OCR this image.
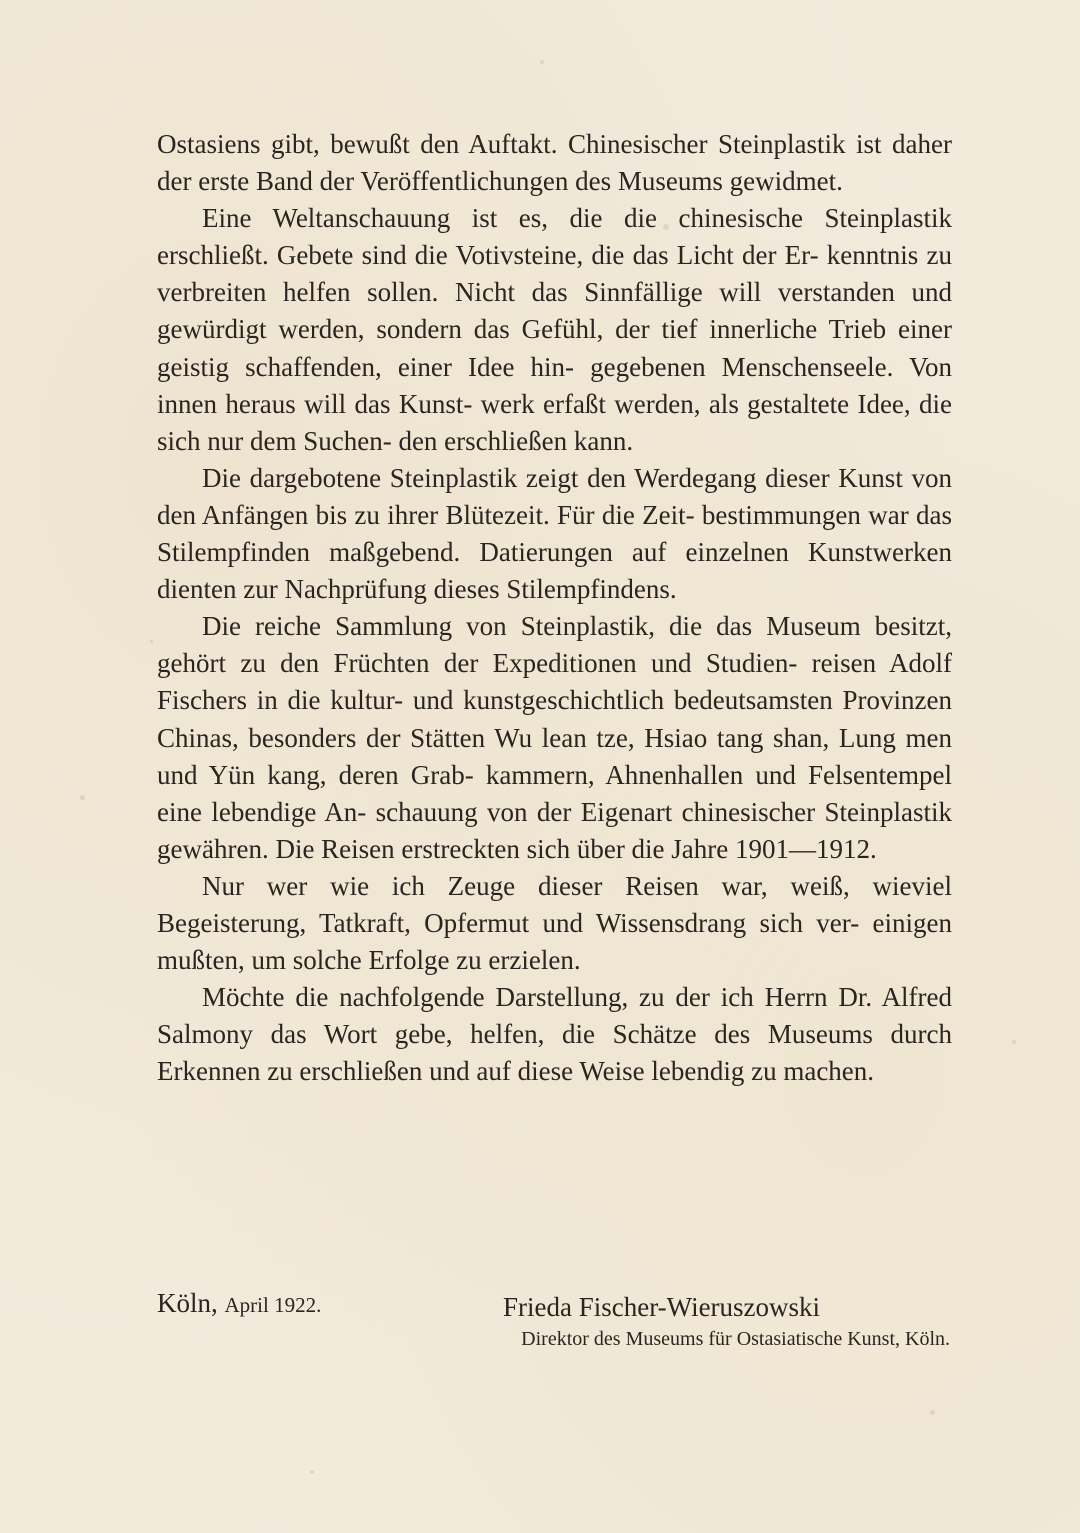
Ostasiens gibt, bewußt den Auftakt. Chinesischer Steinplastik ist daher der erste Band der Veröffentlichungen des Museums gewidmet.

Eine Weltanschauung ist es, die die chinesische Steinplastik erschließt. Gebete sind die Votivsteine, die das Licht der Er- kenntnis zu verbreiten helfen sollen. Nicht das Sinnfällige will verstanden und gewürdigt werden, sondern das Gefühl, der tief innerliche Trieb einer geistig schaffenden, einer Idee hin- gegebenen Menschenseele. Von innen heraus will das Kunst- werk erfaßt werden, als gestaltete Idee, die sich nur dem Suchen- den erschließen kann.

Die dargebotene Steinplastik zeigt den Werdegang dieser Kunst von den Anfängen bis zu ihrer Blütezeit. Für die Zeit- bestimmungen war das Stilempfinden maßgebend. Datierungen auf einzelnen Kunstwerken dienten zur Nachprüfung dieses Stilempfindens.

Die reiche Sammlung von Steinplastik, die das Museum besitzt, gehört zu den Früchten der Expeditionen und Studien- reisen Adolf Fischers in die kultur- und kunstgeschichtlich bedeutsamsten Provinzen Chinas, besonders der Stätten Wu lean tze, Hsiao tang shan, Lung men und Yün kang, deren Grab- kammern, Ahnenhallen und Felsentempel eine lebendige An- schauung von der Eigenart chinesischer Steinplastik gewähren. Die Reisen erstreckten sich über die Jahre 1901—1912.

Nur wer wie ich Zeuge dieser Reisen war, weiß, wieviel Begeisterung, Tatkraft, Opfermut und Wissensdrang sich ver- einigen mußten, um solche Erfolge zu erzielen.

Möchte die nachfolgende Darstellung, zu der ich Herrn Dr. Alfred Salmony das Wort gebe, helfen, die Schätze des Museums durch Erkennen zu erschließen und auf diese Weise lebendig zu machen.

Köln, April 1922.	Frieda Fischer-Wieruszowski
Direktor des Museums für Ostasiatische Kunst, Köln.
